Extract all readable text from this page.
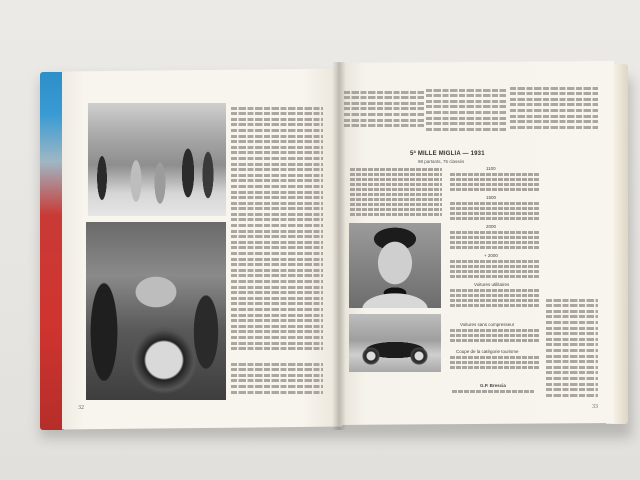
32
5ª MILLE MIGLIA — 1931
98 partants, 75 classés
1100
1500
2000
+ 2000
Voitures utilitaires
Voitures sans compresseur
Coupe de la catégorie tourisme
G.P. Brescia
33
